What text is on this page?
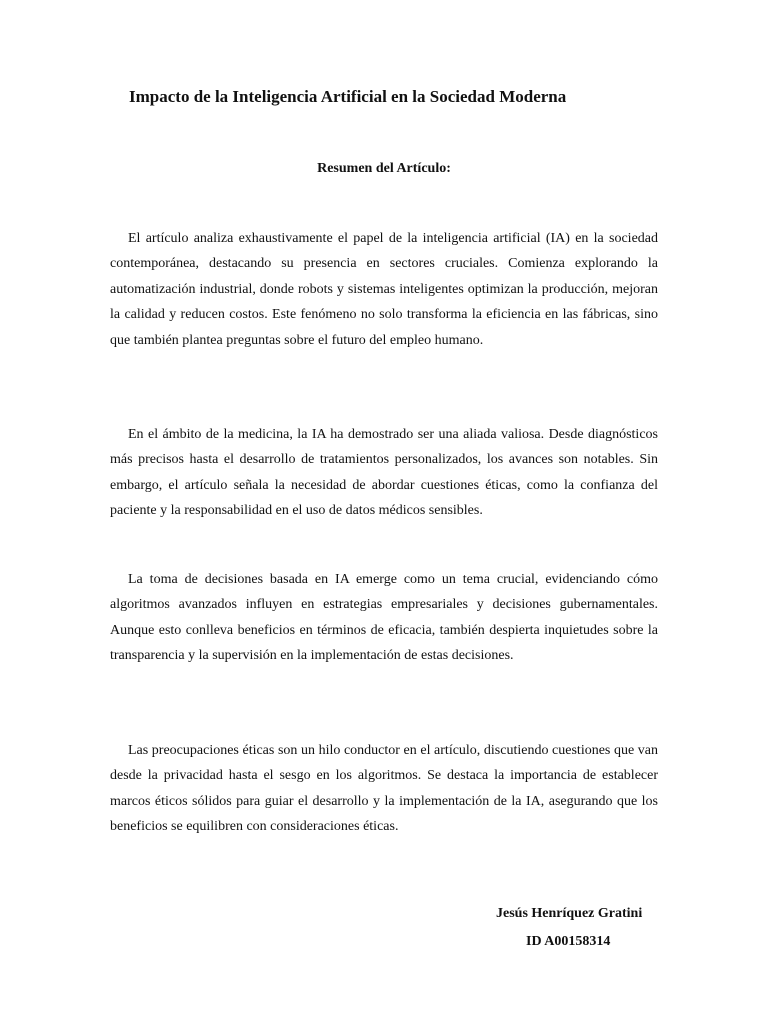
Impacto de la Inteligencia Artificial en la Sociedad Moderna
Resumen del Artículo:

El artículo analiza exhaustivamente el papel de la inteligencia artificial (IA) en la sociedad contemporánea, destacando su presencia en sectores cruciales. Comienza explorando la automatización industrial, donde robots y sistemas inteligentes optimizan la producción, mejoran la calidad y reducen costos. Este fenómeno no solo transforma la eficiencia en las fábricas, sino que también plantea preguntas sobre el futuro del empleo humano.

En el ámbito de la medicina, la IA ha demostrado ser una aliada valiosa. Desde diagnósticos más precisos hasta el desarrollo de tratamientos personalizados, los avances son notables. Sin embargo, el artículo señala la necesidad de abordar cuestiones éticas, como la confianza del paciente y la responsabilidad en el uso de datos médicos sensibles.

La toma de decisiones basada en IA emerge como un tema crucial, evidenciando cómo algoritmos avanzados influyen en estrategias empresariales y decisiones gubernamentales. Aunque esto conlleva beneficios en términos de eficacia, también despierta inquietudes sobre la transparencia y la supervisión en la implementación de estas decisiones.

Las preocupaciones éticas son un hilo conductor en el artículo, discutiendo cuestiones que van desde la privacidad hasta el sesgo en los algoritmos. Se destaca la importancia de establecer marcos éticos sólidos para guiar el desarrollo y la implementación de la IA, asegurando que los beneficios se equilibren con consideraciones éticas.

Jesús Henríquez Gratini
ID A00158314
